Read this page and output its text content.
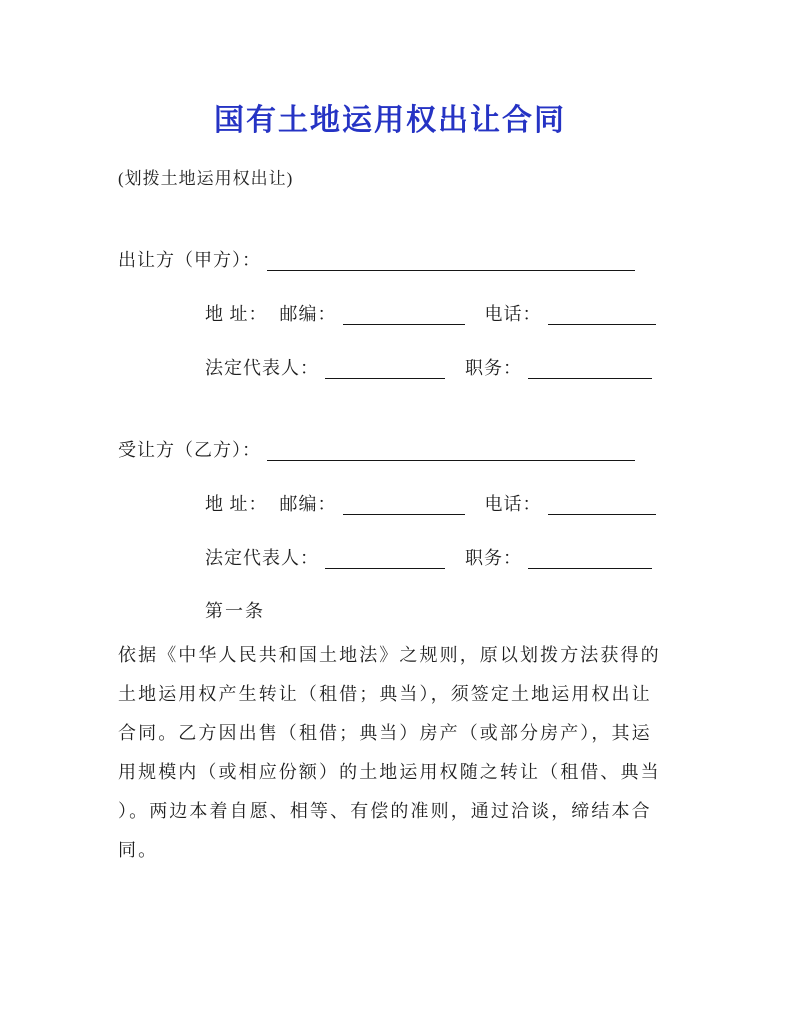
国有土地运用权出让合同
(划拨土地运用权出让)
出让方（甲方）：
地 址： 邮编：	电话：
法定代表人：	职务：
受让方（乙方）：
地 址： 邮编：	电话：
法定代表人：	职务：
第一条
依据《中华人民共和国土地法》之规则，原以划拨方法获得的
土地运用权产生转让（租借；典当），须签定土地运用权出让
合同。乙方因出售（租借；典当）房产（或部分房产），其运
用规模内（或相应份额）的土地运用权随之转让（租借、典当
）。两边本着自愿、相等、有偿的准则，通过洽谈，缔结本合
同。
